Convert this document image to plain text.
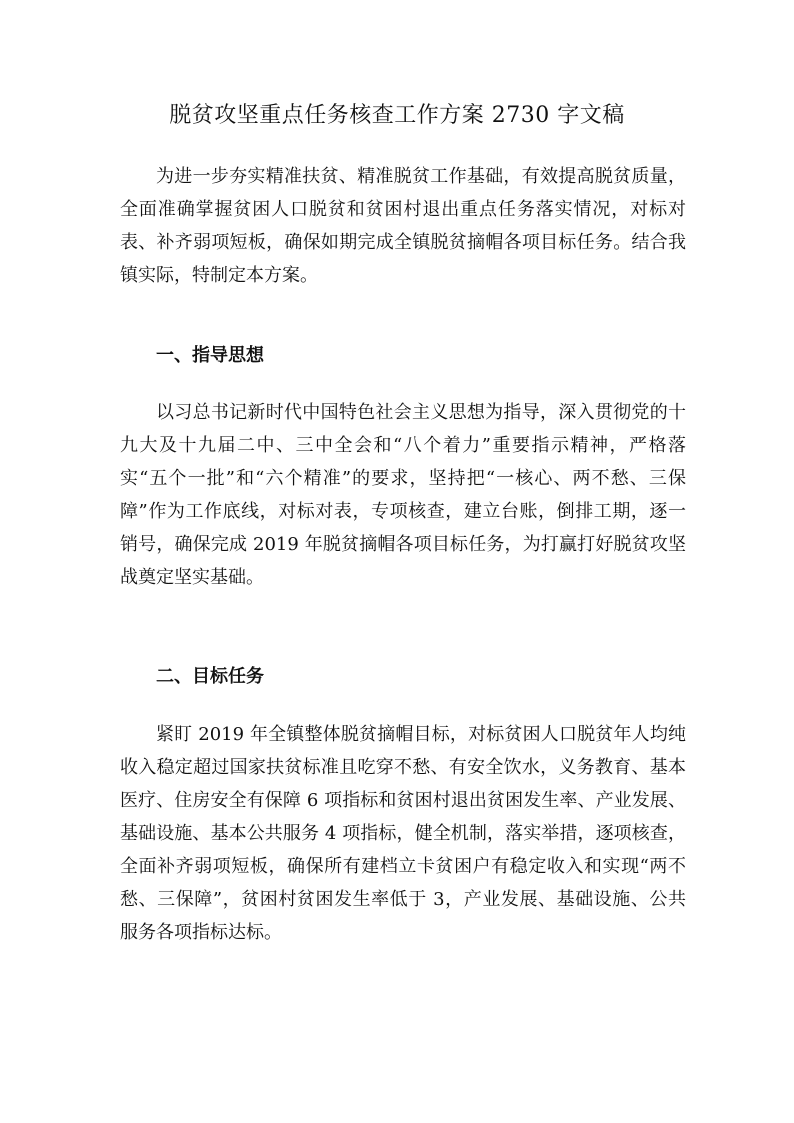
脱贫攻坚重点任务核查工作方案 2730 字文稿

为进一步夯实精准扶贫、精准脱贫工作基础，有效提高脱贫质量，全面准确掌握贫困人口脱贫和贫困村退出重点任务落实情况，对标对表、补齐弱项短板，确保如期完成全镇脱贫摘帽各项目标任务。结合我镇实际，特制定本方案。

一、指导思想

以习总书记新时代中国特色社会主义思想为指导，深入贯彻党的十九大及十九届二中、三中全会和“八个着力”重要指示精神，严格落实“五个一批”和“六个精准”的要求，坚持把“一核心、两不愁、三保障”作为工作底线，对标对表，专项核查，建立台账，倒排工期，逐一销号，确保完成 2019 年脱贫摘帽各项目标任务，为打赢打好脱贫攻坚战奠定坚实基础。

二、目标任务

紧盯 2019 年全镇整体脱贫摘帽目标，对标贫困人口脱贫年人均纯收入稳定超过国家扶贫标准且吃穿不愁、有安全饮水，义务教育、基本医疗、住房安全有保障 6 项指标和贫困村退出贫困发生率、产业发展、基础设施、基本公共服务 4 项指标，健全机制，落实举措，逐项核查，全面补齐弱项短板，确保所有建档立卡贫困户有稳定收入和实现“两不愁、三保障”，贫困村贫困发生率低于 3，产业发展、基础设施、公共服务各项指标达标。
